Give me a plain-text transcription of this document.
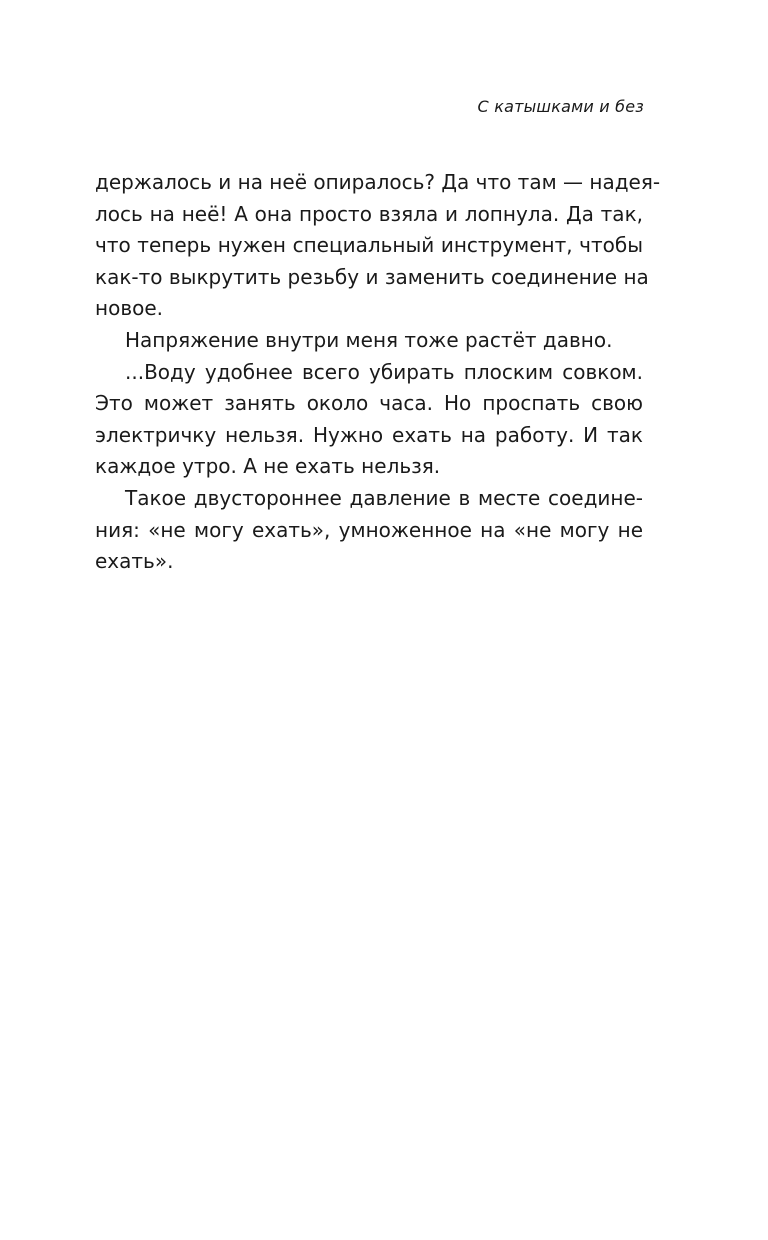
С катышками и без
держалось и на неё опиралось? Да что там — надея-
лось на неё! А она просто взяла и лопнула. Да так,
что теперь нужен специальный инструмент, чтобы
как-то выкрутить резьбу и заменить соединение на
новое.
Напряжение внутри меня тоже растёт давно.
...Воду удобнее всего убирать плоским совком.
Это может занять около часа. Но проспать свою
электричку нельзя. Нужно ехать на работу. И так
каждое утро. А не ехать нельзя.
Такое двустороннее давление в месте соедине-
ния: «не могу ехать», умноженное на «не могу не
ехать».
